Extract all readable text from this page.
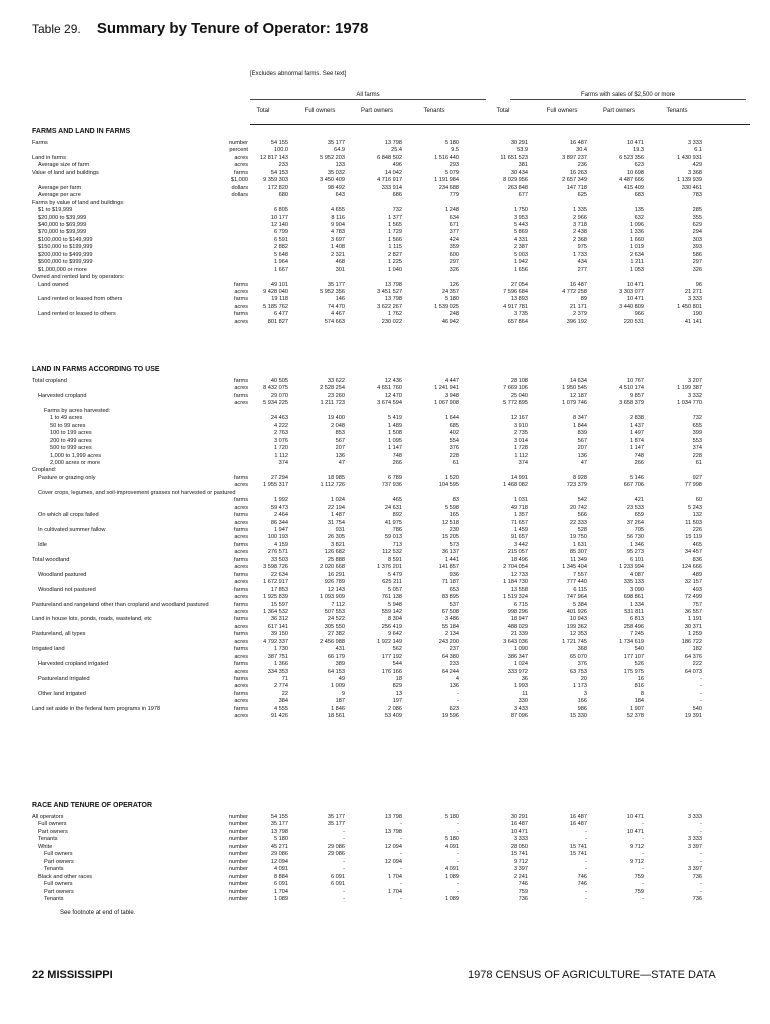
Table 29. Summary by Tenure of Operator: 1978
[Excludes abnormal farms. See text]
All farms	Farms with sales of $2,500 or more
Total	Full owners	Part owners	Tenants	Total	Full owners	Part owners	Tenants
FARMS AND LAND IN FARMS
Farms	number	54 155	35 177	13 798	5 180	30 291	16 487	10 471	3 333
percent	100.0	64.9	25.4	9.5	53.9	30.4	19.3	6.1
Land in farms	acres	12 817 143	5 952 203	6 848 502	1 516 440	11 651 523	3 897 237	6 523 356	1 430 931
Average size of farm	acres	233	133	496	293	381	236	623	429
Value of land and buildings	farms	54 153	35 032	14 042	5 079	30 434	16 263	10 698	3 368
$1,000	9 359 303	3 450 409	4 716 917	1 191 984	8 029 956	2 657 349	4 487 666	1 139 939
Average per farm	dollars	172 820	98 492	333 914	234 688	263 848	147 718	415 409	330 461
Average per acre	dollars	680	643	686	779	677	625	683	783
Farms by value of land and buildings:
$1 to $19,999	6 805	4 655	732	1 248	1 750	1 335	135	285
$20,000 to $39,999	10 177	8 116	1 377	634	3 953	2 966	632	355
$40,000 to $69,999	12 140	9 904	1 565	671	5 443	3 718	1 096	629
$70,000 to $99,999	6 799	4 783	1 729	377	5 869	2 438	1 336	294
$100,000 to $149,999	6 591	3 697	1 566	424	4 331	2 368	1 660	303
$150,000 to $199,999	2 882	1 408	1 115	359	2 387	975	1 019	393
$200,000 to $499,999	5 648	2 321	2 827	600	5 003	1 733	2 634	586
$500,000 to $999,999	1 964	468	1 225	297	1 942	434	1 211	297
$1,000,000 or more	1 667	301	1 040	326	1 656	277	1 053	326
Owned and rented land by operators:
Land owned	farms	49 101	35 177	13 798	126	27 054	16 487	10 471	96
acres	9 428 040	5 952 356	3 451 527	24 357	7 596 684	4 772 258	3 303 077	21 271
Land rented or leased from others	farms	19 118	146	13 798	5 180	13 893	89	10 471	3 333
acres	5 185 762	74 470	3 622 267	1 539 025	4 917 781	21 171	3 440 809	1 450 801
Land rented or leased to others	farms	6 477	4 467	1 762	248	3 735	2 379	966	190
acres	801 827	574 663	230 022	46 942	657 864	396 192	220 531	41 141
LAND IN FARMS ACCORDING TO USE
Total cropland	farms	40 505	33 622	12 436	4 447	28 108	14 634	10 767	3 207
acres	8 432 075	2 528 254	4 651 760	1 241 941	7 669 106	1 950 545	4 510 174	1 199 387
Harvested cropland	farms	29 070	23 260	12 470	3 948	25 040	12 187	9 857	3 332
acres	5 934 225	1 211 723	3 674 594	1 067 908	5 772 895	1 079 746	3 658 379	1 034 770
Farms by acres harvested:
1 to 49 acres	24 463	19 400	5 419	1 644	12 167	8 347	2 838	732
50 to 99 acres	4 222	2 048	1 489	685	3 910	1 844	1 437	655
100 to 199 acres	2 763	853	1 508	402	2 735	839	1 497	399
200 to 499 acres	3 076	567	1 095	554	3 014	567	1 874	553
500 to 999 acres	1 720	207	1 147	376	1 728	207	1 147	374
1,000 to 1,999 acres	1 112	136	748	228	1 112	136	748	228
2,000 acres or more	374	47	266	61	374	47	266	61
Cropland:
Pasture or grazing only	farms	27 294	18 985	6 789	1 520	14 991	8 928	5 146	927
acres	1 955 317	1 112 726	737 936	104 595	1 468 082	723 379	667 706	77 998
Cover crops, legumes, and soil-improvement grasses not harvested or pastured
farms	1 992	1 024	465	83	1 031	542	421	60
acres	59 473	22 194	24 631	5 598	49 718	20 742	23 533	5 243
On which all crops failed	farms	2 464	1 487	892	165	1 357	566	659	132
acres	86 344	31 754	41 975	12 518	71 657	22 333	37 264	11 503
In cultivated summer fallow	farms	1 947	931	786	230	1 459	528	705	226
acres	100 193	26 305	59 013	15 205	91 657	19 750	56 730	15 119
Idle	farms	4 159	3 821	713	573	3 442	1 631	1 346	465
acres	276 571	126 682	112 532	36 137	215 057	85 307	95 273	34 457
Total woodland	farms	33 503	25 888	8 591	1 441	18 496	11 349	6 101	836
acres	3 598 726	2 020 668	1 376 201	141 857	2 704 054	1 345 404	1 233 994	124 666
Woodland pastured	farms	22 634	16 291	5 479	936	12 733	7 557	4 087	489
acres	1 672 917	926 789	625 211	71 187	1 184 730	777 440	335 133	32 157
Woodland not pastured	farms	17 853	12 143	5 057	653	13 558	6 115	3 090	493
acres	1 925 839	1 093 909	761 138	83 895	1 519 324	747 964	698 861	72 499
Pastureland and rangeland other than cropland and woodland pastured	farms	15 597	7 112	5 948	537	6 715	5 384	1 334	757
acres	1 364 532	507 553	559 142	67 508	998 296	401 926	531 811	36 557
Land in house lots, ponds, roads, wasteland, etc	farms	36 312	24 522	8 304	3 486	18 947	10 943	6 813	1 191
acres	617 141	305 550	256 419	55 184	488 029	199 362	258 496	30 371
Pastureland, all types	farms	39 150	27 382	9 642	2 134	21 339	12 353	7 245	1 259
acres	4 792 337	2 456 988	1 922 149	243 200	3 643 036	1 721 745	1 734 619	186 722
Irrigated land	farms	1 730	431	562	237	1 090	368	540	182
acres	387 751	66 179	177 192	64 380	386 347	65 070	177 107	64 376
Harvested cropland irrigated	farms	1 366	389	544	233	1 024	376	526	222
acres	334 353	64 153	176 166	64 244	333 972	63 753	175 975	64 073
Pastureland irrigated	farms	71	49	18	4	36	20	16	-
acres	2 774	1 009	829	136	1 993	1 173	816	-
Other land irrigated	farms	22	9	13	-	11	3	8	-
acres	384	187	197	-	330	166	184	-
Land set aside in the federal farm programs in 1978	farms	4 555	1 846	2 086	623	3 433	986	1 907	540
acres	91 426	18 561	53 409	19 596	87 096	15 330	52 378	19 391
RACE AND TENURE OF OPERATOR
All operators	number	54 155	35 177	13 798	5 180	30 291	16 487	10 471	3 333
Full owners	number	35 177	35 177	-	-	16 487	16 487	-	-
Part owners	number	13 798	-	13 798	-	10 471	-	10 471	-
Tenants	number	5 180	-	-	5 180	3 333	-	-	3 333
White	number	45 271	29 086	12 094	4 091	28 050	15 741	9 712	3 397
Full owners	number	29 086	29 086	-	-	15 741	15 741	-	-
Part owners	number	12 094	-	12 094	-	9 712	-	9 712	-
Tenants	number	4 091	-	-	4 091	3 397	-	-	3 397
Black and other races	number	8 884	6 091	1 704	1 089	2 241	746	759	736
Full owners	number	6 091	6 091	-	-	746	746	-	-
Part owners	number	1 704	-	1 704	-	759	-	759	-
Tenants	number	1 089	-	-	1 089	736	-	-	736
See footnote at end of table.
22 MISSISSIPPI	1978 CENSUS OF AGRICULTURE—STATE DATA
